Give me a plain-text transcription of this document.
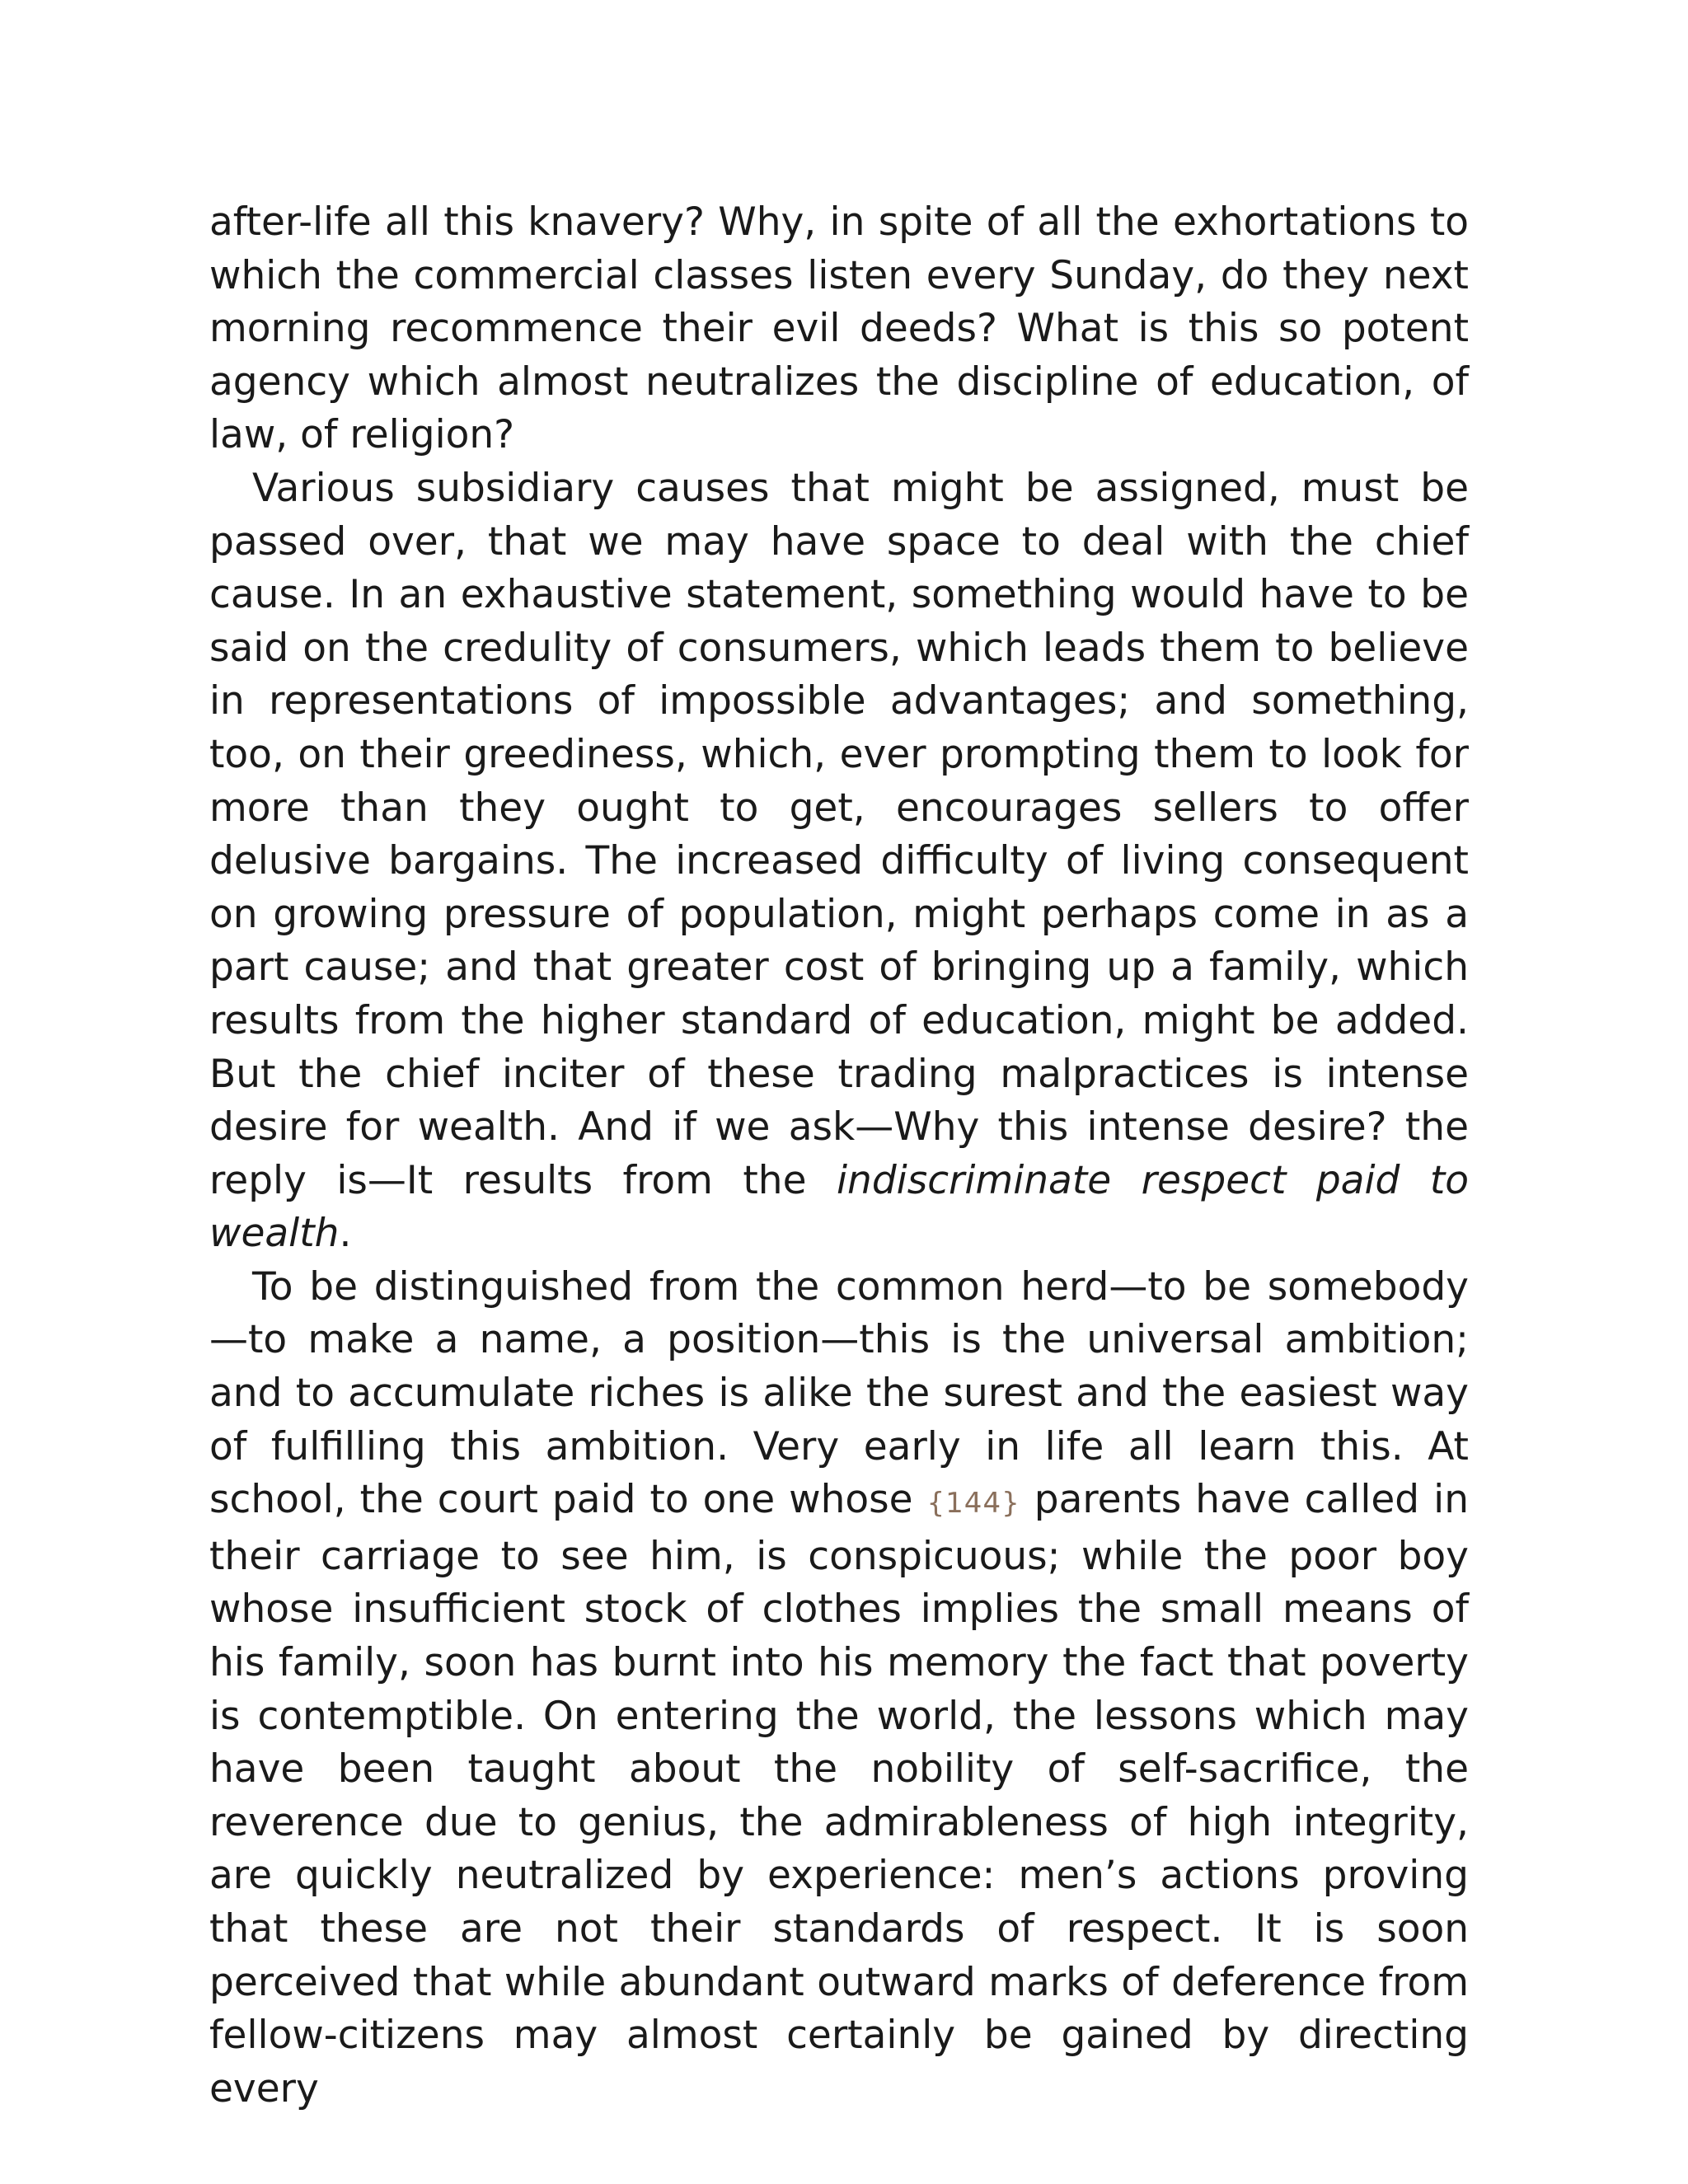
after-life all this knavery? Why, in spite of all the exhortations to which the commercial classes listen every Sunday, do they next morning recommence their evil deeds? What is this so potent agency which almost neutralizes the discipline of education, of law, of religion?

Various subsidiary causes that might be assigned, must be passed over, that we may have space to deal with the chief cause. In an exhaustive statement, something would have to be said on the credulity of consumers, which leads them to believe in representations of impossible advantages; and something, too, on their greediness, which, ever prompting them to look for more than they ought to get, encourages sellers to offer delusive bargains. The increased difficulty of living consequent on growing pressure of population, might perhaps come in as a part cause; and that greater cost of bringing up a family, which results from the higher standard of education, might be added. But the chief inciter of these trading malpractices is intense desire for wealth. And if we ask—Why this intense desire? the reply is—It results from the indiscriminate respect paid to wealth.

To be distinguished from the common herd—to be somebody—to make a name, a position—this is the universal ambition; and to accumulate riches is alike the surest and the easiest way of fulfilling this ambition. Very early in life all learn this. At school, the court paid to one whose {144} parents have called in their carriage to see him, is conspicuous; while the poor boy whose insufficient stock of clothes implies the small means of his family, soon has burnt into his memory the fact that poverty is contemptible. On entering the world, the lessons which may have been taught about the nobility of self-sacrifice, the reverence due to genius, the admirableness of high integrity, are quickly neutralized by experience: men’s actions proving that these are not their standards of respect. It is soon perceived that while abundant outward marks of deference from fellow-citizens may almost certainly be gained by directing every
